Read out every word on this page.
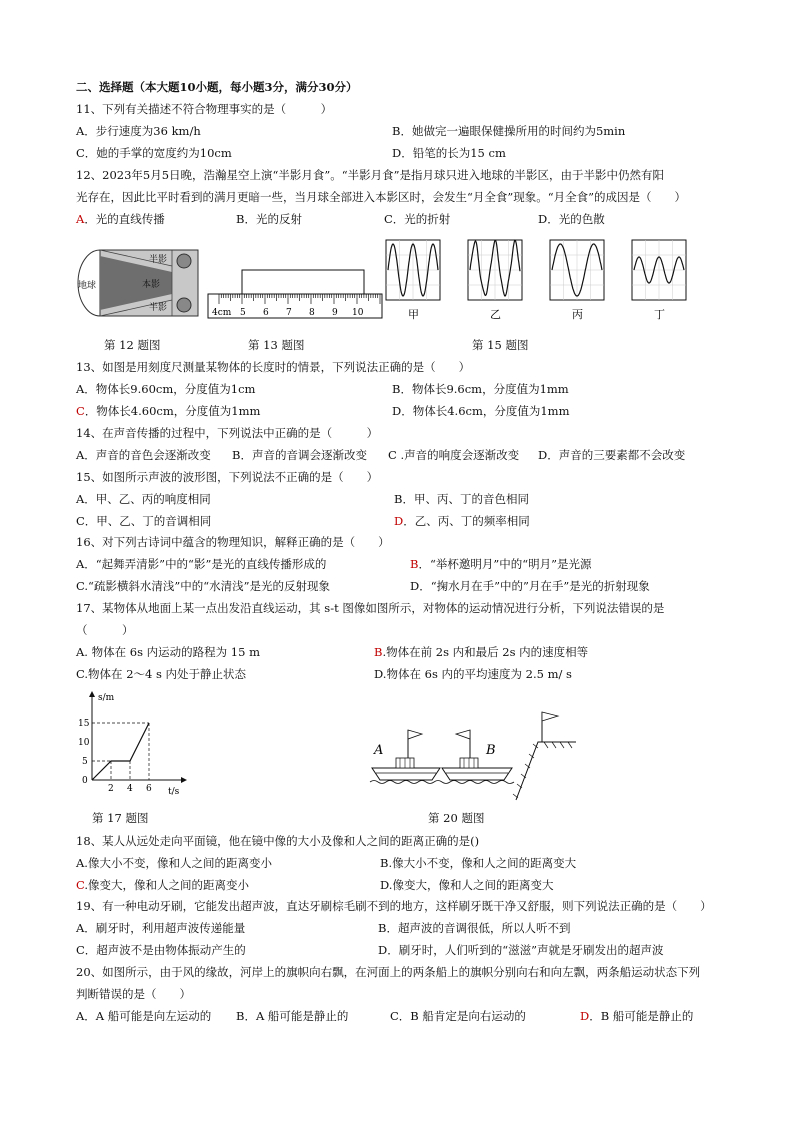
二、选择题（本大题10小题，每小题3分，满分30分）
11、下列有关描述不符合物理事实的是（　　　）
A．步行速度为36 km/h	B．她做完一遍眼保健操所用的时间约为5min
C．她的手掌的宽度约为10cm	D．铅笔的长为15 cm
12、2023年5月5日晚，浩瀚星空上演“半影月食”。“半影月食”是指月球只进入地球的半影区，由于半影中仍然有阳
光存在，因此比平时看到的满月更暗一些，当月球全部进入本影区时，会发生“月全食”现象。“月全食”的成因是（　　）
A．光的直线传播	B．光的反射	C．光的折射	D．光的色散
地球	本影
半影
半影
第 12 题图
4cm 5 6 7 8 9 10
第 13 题图
甲	乙	丙	丁
第 15 题图
13、如图是用刻度尺测量某物体的长度时的情景，下列说法正确的是（　　）
A．物体长9.60cm，分度值为1cm	B．物体长9.6cm，分度值为1mm
C．物体长4.60cm，分度值为1mm	D．物体长4.6cm，分度值为1mm
14、在声音传播的过程中，下列说法中正确的是（　　　）
A．声音的音色会逐渐改变 B．声音的音调会逐渐改变 C .声音的响度会逐渐改变 D．声音的三要素都不会改变
15、如图所示声波的波形图，下列说法不正确的是（　　）
A．甲、乙、丙的响度相同	B．甲、丙、丁的音色相同
C．甲、乙、丁的音调相同	D．乙、丙、丁的频率相同
16、对下列古诗词中蕴含的物理知识，解释正确的是（　　）
A．“起舞弄清影”中的“影”是光的直线传播形成的	B．“举杯邀明月”中的“明月”是光源
C.“疏影横斜水清浅”中的“水清浅”是光的反射现象	D．“掬水月在手”中的”月在手”是光的折射现象
17、某物体从地面上某一点出发沿直线运动，其 s-t 图像如图所示，对物体的运动情况进行分析，下列说法错误的是
（　　　）
A. 物体在 6s 内运动的路程为 15 m	B.物体在前 2s 内和最后 2s 内的速度相等
C.物体在 2～4 s 内处于静止状态	D.物体在 6s 内的平均速度为 2.5 m/ s
s/m
t/s
15
10
5
0
2 4 6
第 17 题图
A	B
第 20 题图
18、某人从远处走向平面镜，他在镜中像的大小及像和人之间的距离正确的是()
A.像大小不变，像和人之间的距离变小	B.像大小不变，像和人之间的距离变大
C.像变大，像和人之间的距离变小	D.像变大，像和人之间的距离变大
19、有一种电动牙刷，它能发出超声波，直达牙刷棕毛刷不到的地方，这样刷牙既干净又舒服，则下列说法正确的是（　　）
A．刷牙时，利用超声波传递能量	B．超声波的音调很低，所以人听不到
C．超声波不是由物体振动产生的	D．刷牙时，人们听到的“滋滋”声就是牙刷发出的超声波
20、如图所示，由于风的缘故，河岸上的旗帜向右飘，在河面上的两条船上的旗帜分别向右和向左飘，两条船运动状态下列
判断错误的是（　　）
A．A 船可能是向左运动的 B．A 船可能是静止的	C．B 船肯定是向右运动的	D．B 船可能是静止的
